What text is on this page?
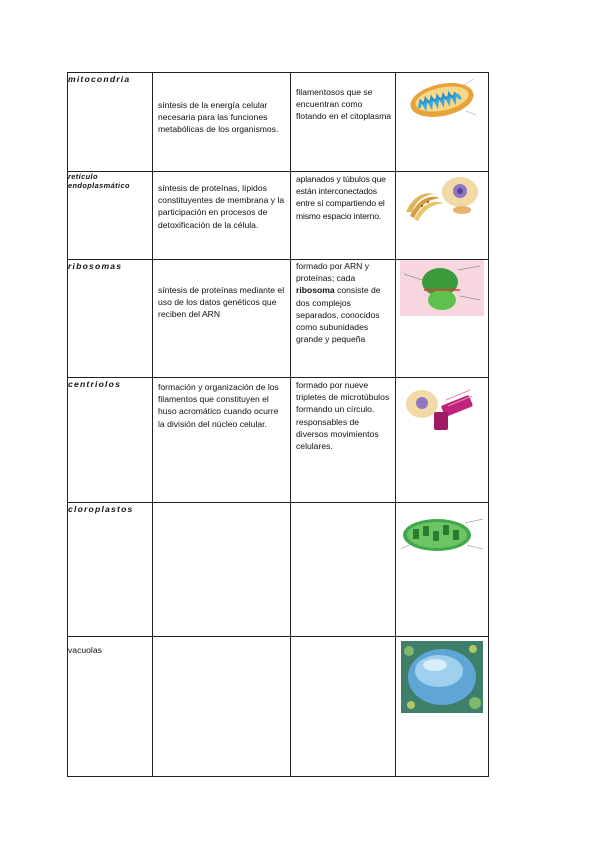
mitocondria	síntesis de la energía celular necesaria para las funciones metabólicas de los organismos.	filamentosos que se encuentran como flotando en el citoplasma

retículo endoplasmático	síntesis de proteínas, lípidos constituyentes de membrana y la participación en procesos de detoxificación de la célula.	aplanados y túbulos que están interconectados entre sí compartiendo el mismo espacio interno.

ribosomas	síntesis de proteínas mediante el uso de los datos genéticos que reciben del ARN	formado por ARN y proteínas; cada ribosoma consiste de dos complejos separados, conocidos como subunidades grande y pequeña

centriolos	formación y organización de los filamentos que constituyen el huso acromático cuando ocurre la división del núcleo celular.	formado por nueve tripletes de microtúbulos formando un círculo. responsables de diversos movimientos celulares.

cloroplastos	

vacuolas	
